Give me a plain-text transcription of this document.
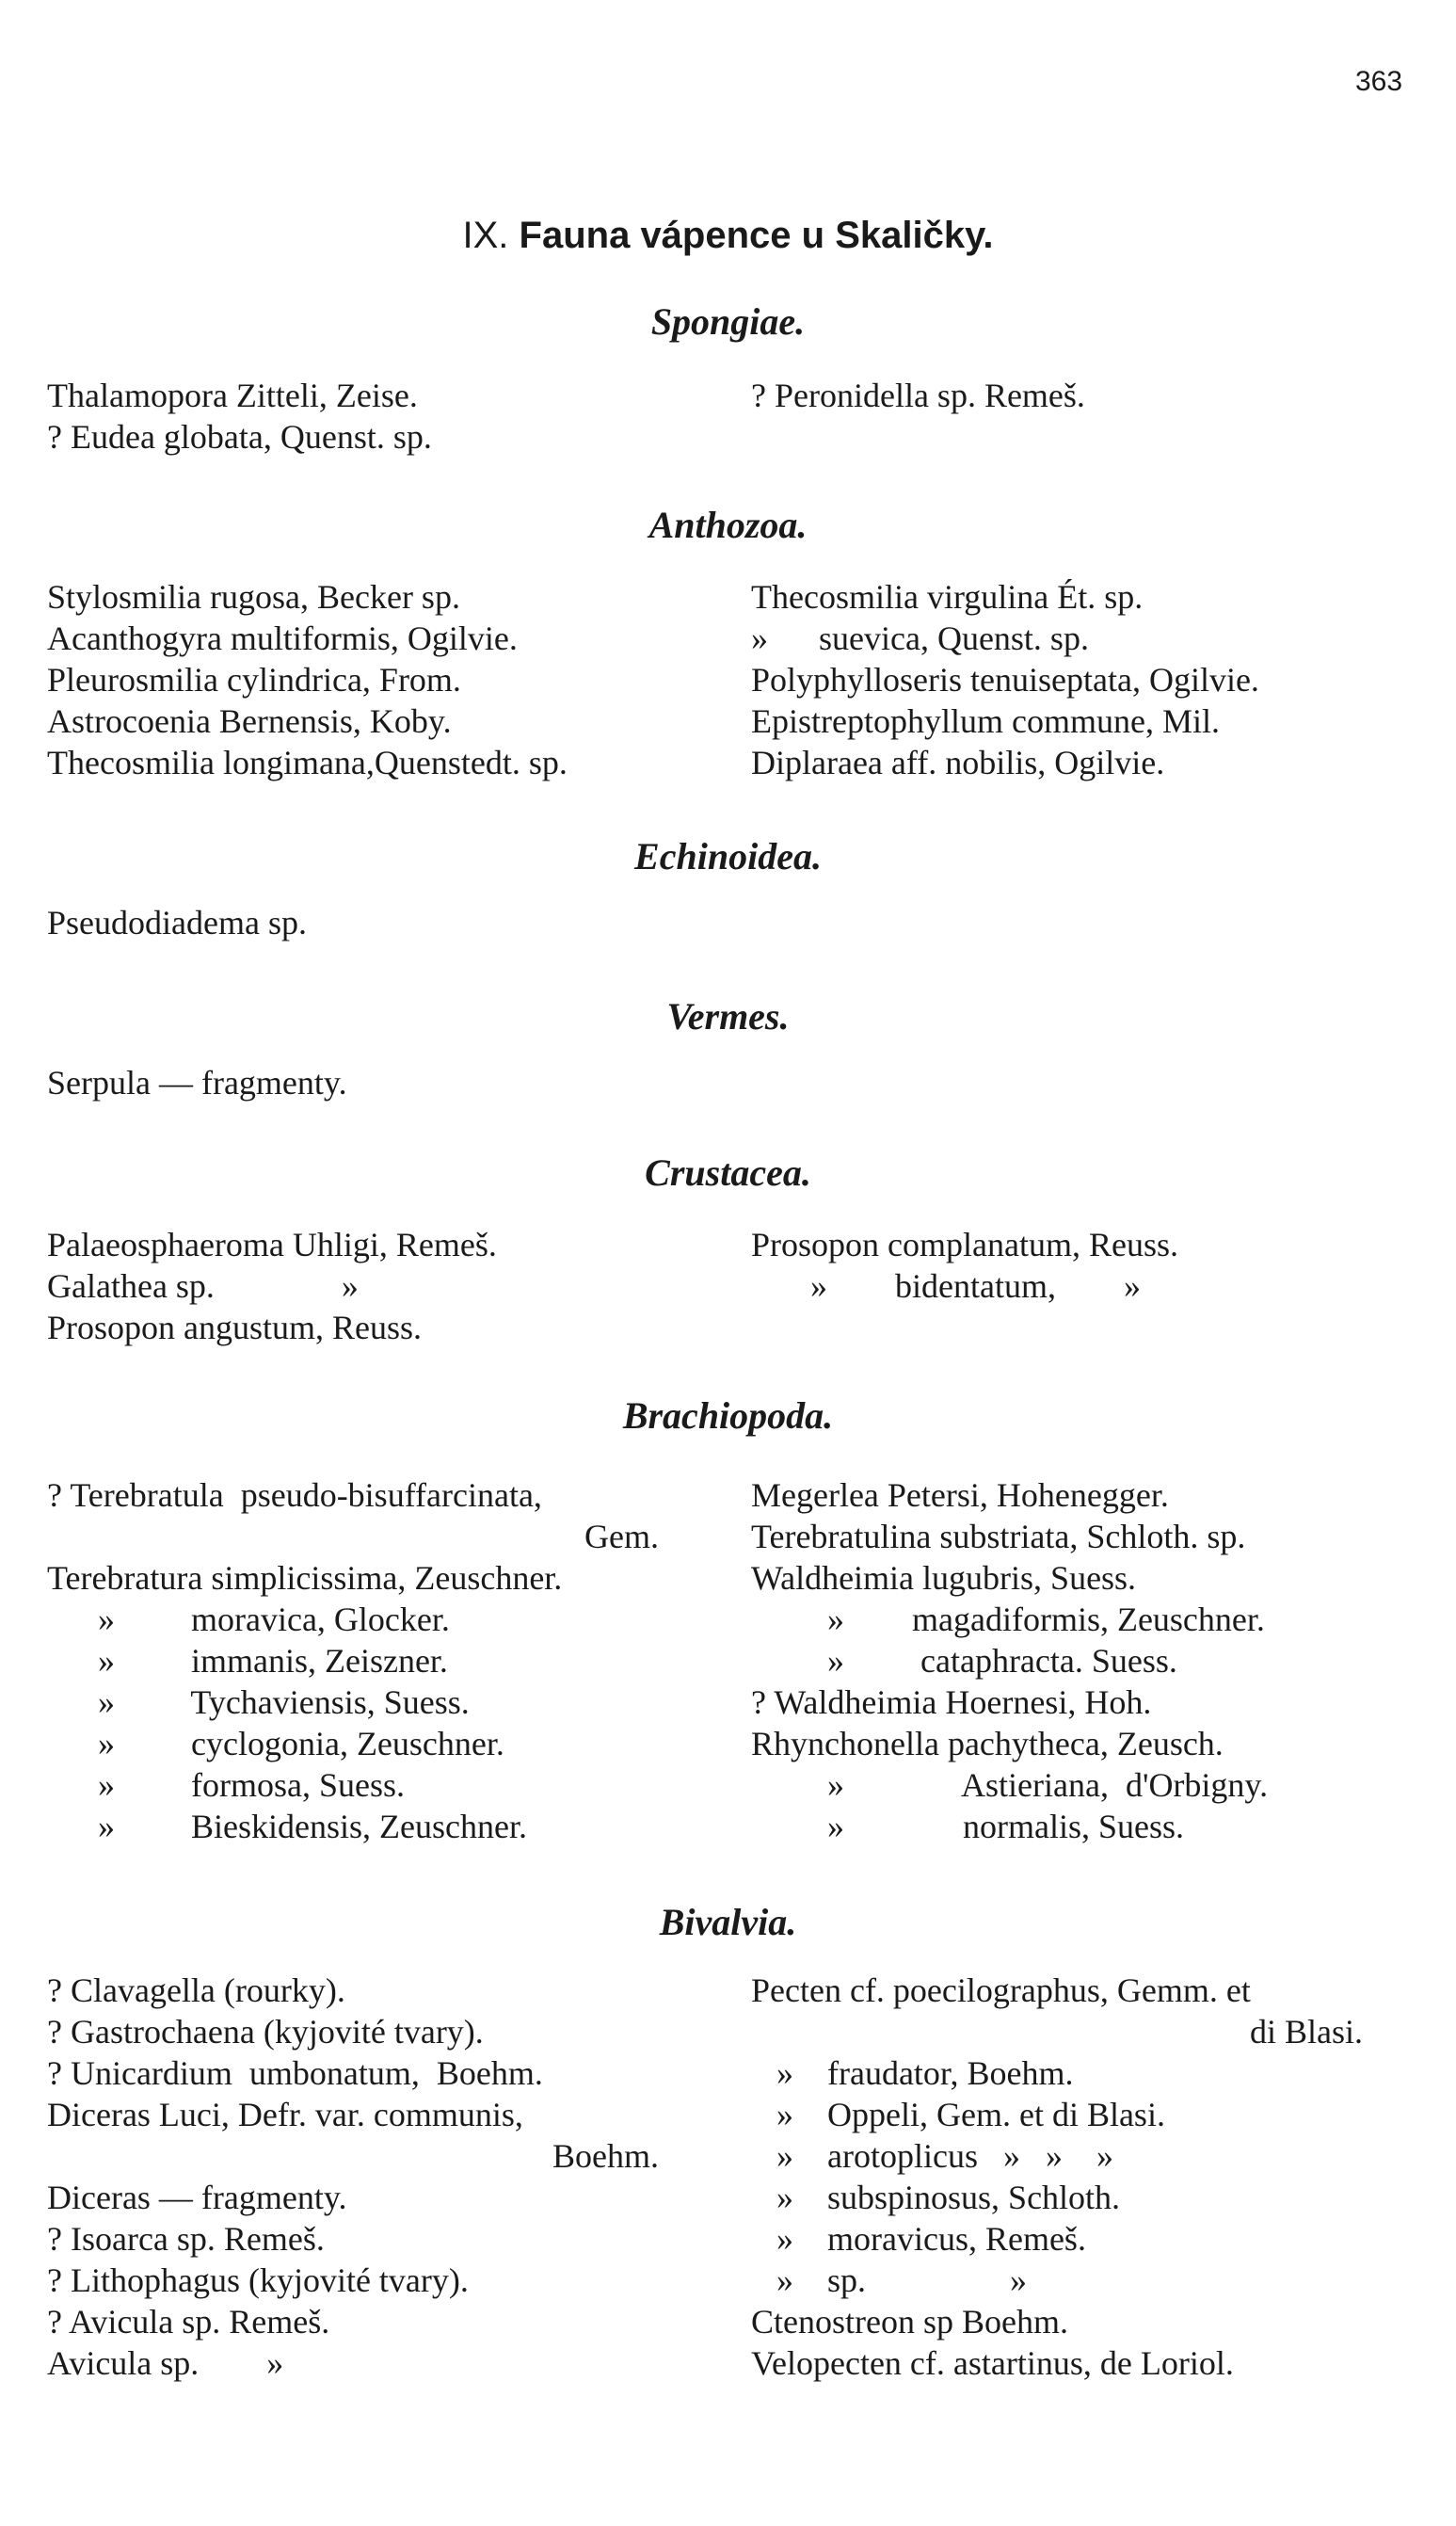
363
IX. Fauna vápence u Skaličky.
Spongiae.
Thalamopora Zitteli, Zeise.
? Eudea globata, Quenst. sp.
? Peronidella sp. Remeš.
Anthozoa.
Stylosmilia rugosa, Becker sp.
Acanthogyra multiformis, Ogilvie.
Pleurosmilia cylindrica, From.
Astrocoenia Bernensis, Koby.
Thecosmilia longimana,Quenstedt. sp.
Thecosmilia virgulina Ét. sp.
»      suevica, Quenst. sp.
Polyphylloseris tenuiseptata, Ogilvie.
Epistreptophyllum commune, Mil.
Diplaraea aff. nobilis, Ogilvie.
Echinoidea.
Pseudodiadema sp.
Vermes.
Serpula — fragmenty.
Crustacea.
Palaeosphaeroma Uhligi, Remeš.
Galathea sp.               »
Prosopon angustum, Reuss.
Prosopon complanatum, Reuss.
»        bidentatum,        »
Brachiopoda.
? Terebratula  pseudo-bisuffarcinata,
Gem.
Terebratura simplicissima, Zeuschner.
»         moravica, Glocker.
»         immanis, Zeiszner.
»         Tychaviensis, Suess.
»         cyclogonia, Zeuschner.
»         formosa, Suess.
»         Bieskidensis, Zeuschner.
Megerlea Petersi, Hohenegger.
Terebratulina substriata, Schloth. sp.
Waldheimia lugubris, Suess.
»        magadiformis, Zeuschner.
»         cataphracta. Suess.
? Waldheimia Hoernesi, Hoh.
Rhynchonella pachytheca, Zeusch.
»              Astieriana,  d'Orbigny.
»              normalis, Suess.
Bivalvia.
? Clavagella (rourky).
? Gastrochaena (kyjovité tvary).
? Unicardium  umbonatum,  Boehm.
Diceras Luci, Defr. var. communis,
Boehm.
Diceras — fragmenty.
? Isoarca sp. Remeš.
? Lithophagus (kyjovité tvary).
? Avicula sp. Remeš.
Avicula sp.        »
Pecten cf. poecilographus, Gemm. et
di Blasi.
»    fraudator, Boehm.
»    Oppeli, Gem. et di Blasi.
»    arotoplicus   »   »    »
»    subspinosus, Schloth.
»    moravicus, Remeš.
»    sp.                 »
Ctenostreon sp Boehm.
Velopecten cf. astartinus, de Loriol.
